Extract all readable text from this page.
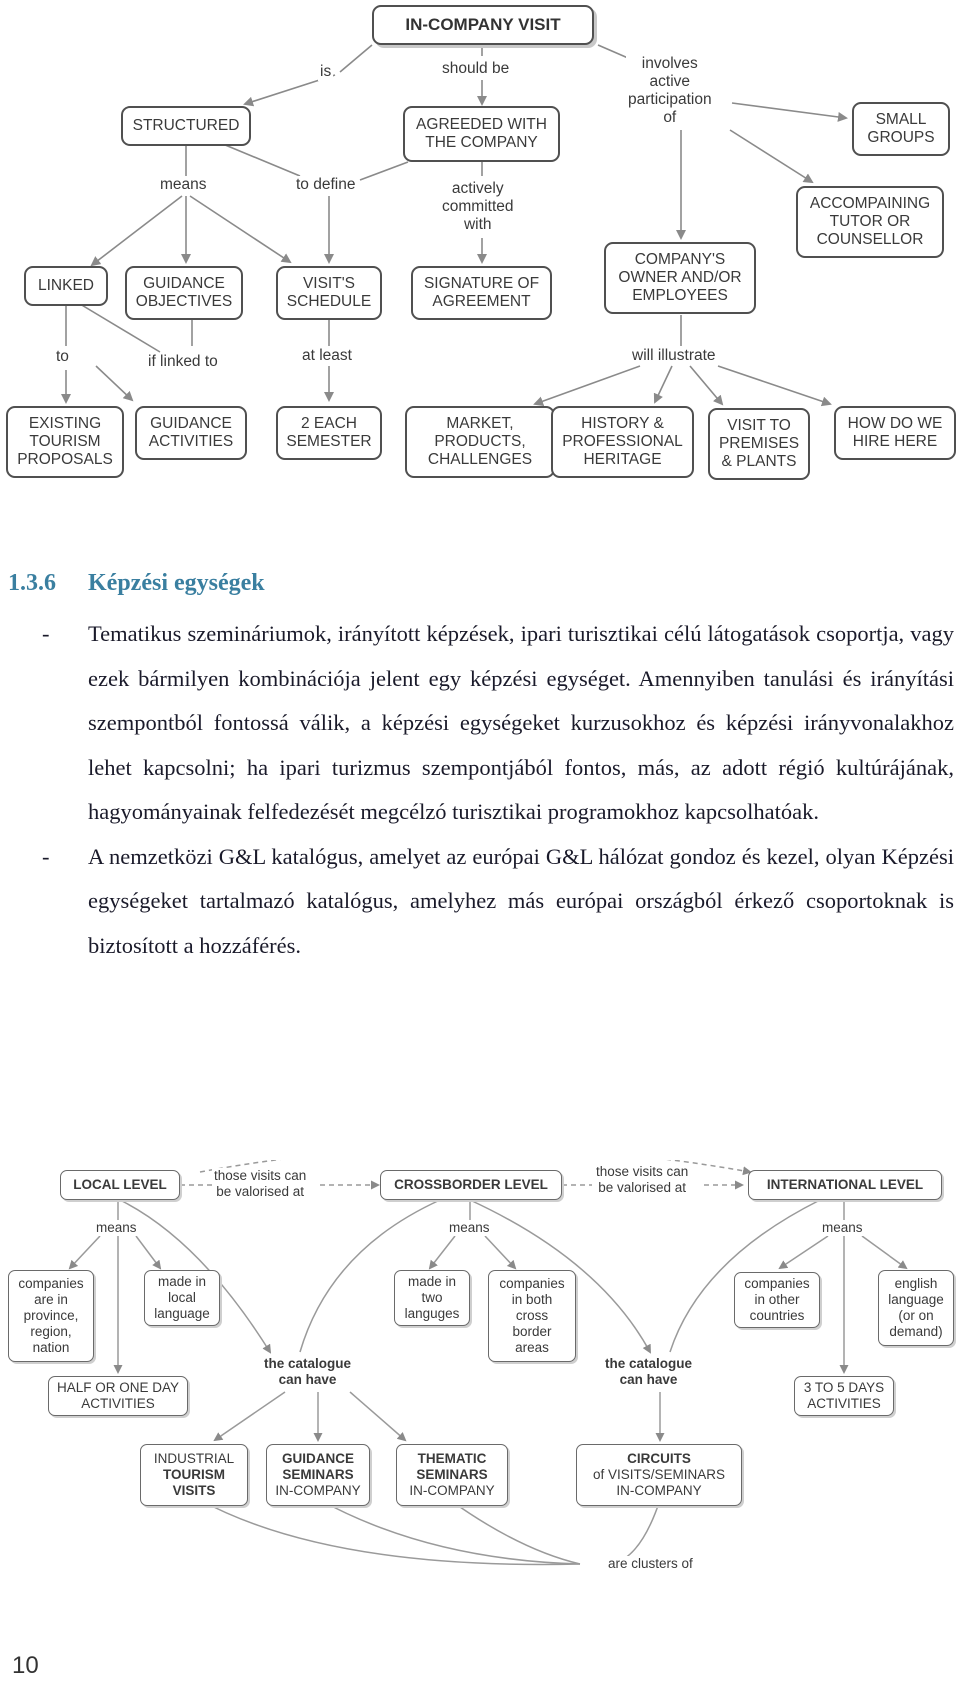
IN-COMPANY VISIT
is	should be	involves
active
participation
of
STRUCTURED	AGREEDED WITH
THE COMPANY
SMALL
GROUPS
means	to define	actively
committed
with
ACCOMPAINING
TUTOR OR
COUNSELLOR
LINKED	GUIDANCE
OBJECTIVES
VISIT'S
SCHEDULE
SIGNATURE OF
AGREEMENT
COMPANY'S
OWNER AND/OR
EMPLOYEES
to	if linked to	at least	will illustrate
EXISTING
TOURISM
PROPOSALS
GUIDANCE
ACTIVITIES
2 EACH
SEMESTER
MARKET,
PRODUCTS,
CHALLENGES
HISTORY &
PROFESSIONAL
HERITAGE
VISIT TO
PREMISES
& PLANTS
HOW DO WE
HIRE HERE
1.3.6 Képzési egységek
- Tematikus szemináriumok, irányított képzések, ipari turisztikai célú látogatások csoportja, vagy ezek bármilyen kombinációja jelent egy képzési egységet. Amennyiben tanulási és irányítási szempontból fontossá válik, a képzési egységeket kurzusokhoz és képzési irányvonalakhoz lehet kapcsolni; ha ipari turizmus szempontjából fontos, más, az adott régió kultúrájának, hagyományainak felfedezését megcélzó turisztikai programokhoz kapcsolhatóak.
- A nemzetközi G&L katalógus, amelyet az európai G&L hálózat gondoz és kezel, olyan Képzési egységeket tartalmazó katalógus, amelyhez más európai országból érkező csoportoknak is biztosított a hozzáférés.
LOCAL LEVEL
those visits can
be valorised at	CROSSBORDER LEVEL
those visits can
be valorised at	INTERNATIONAL LEVEL
means	means	means
companies
are in
province,
region,
nation
made in
local
language
made in
two
languges
companies
in both
cross
border
areas
companies
in other
countries
english
language
(or on
demand)
the catalogue
can have
the catalogue
can have
HALF OR ONE DAY
ACTIVITIES
3 TO 5 DAYS
ACTIVITIES
INDUSTRIAL
TOURISM
VISITS
GUIDANCE
SEMINARS
IN-COMPANY
THEMATIC
SEMINARS
IN-COMPANY
CIRCUITS
of VISITS/SEMINARS
IN-COMPANY
are clusters of
10
